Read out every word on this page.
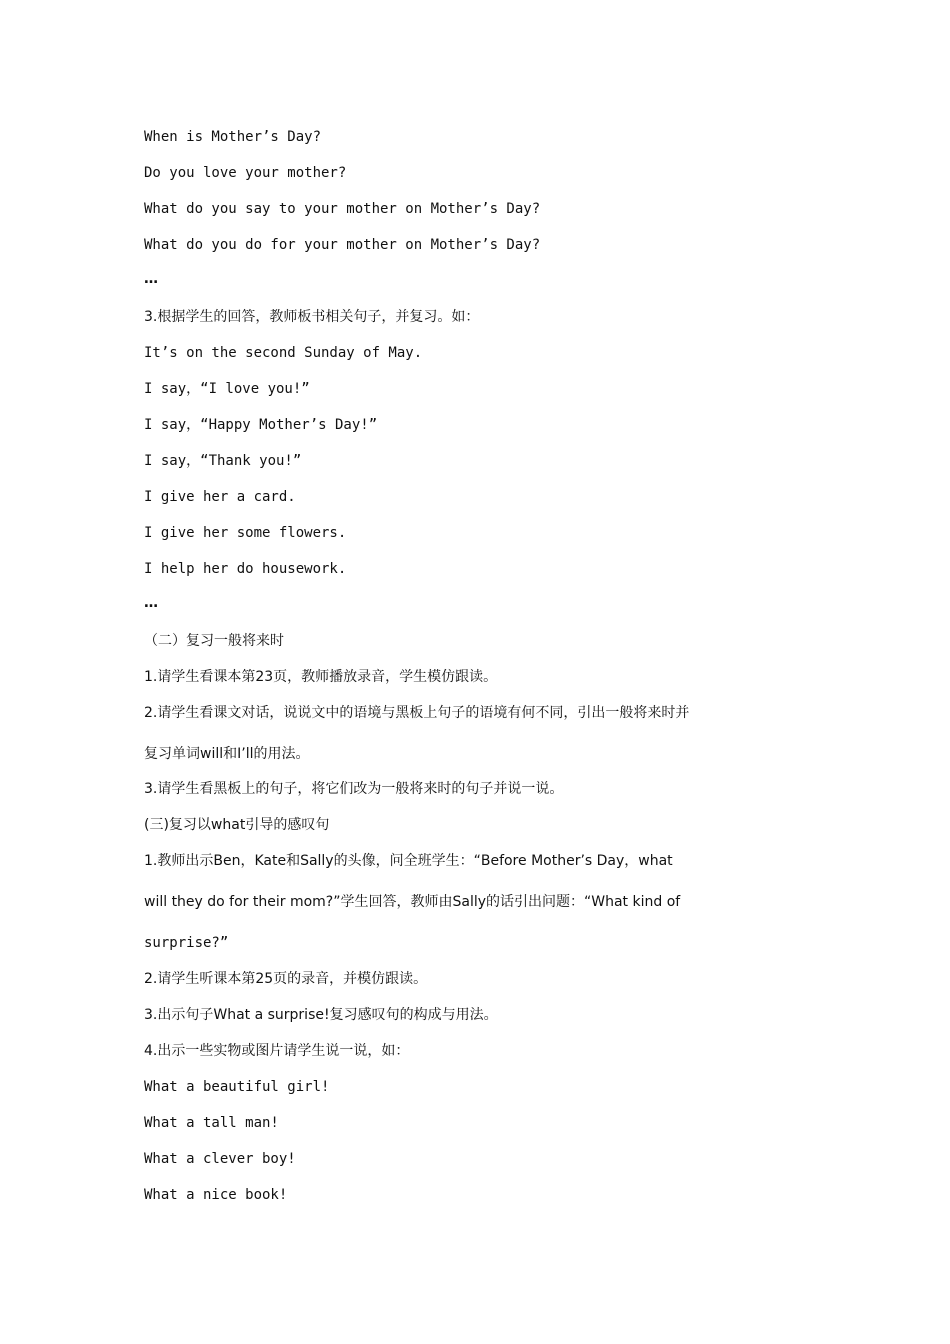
When is Mother’s Day?
Do you love your mother?
What do you say to your mother on Mother’s Day?
What do you do for your mother on Mother’s Day?
…
3.根据学生的回答，教师板书相关句子，并复习。如：
It’s on the second Sunday of May.
I say，“I love you!”
I say，“Happy Mother’s Day!”
I say，“Thank you!”
I give her a card.
I give her some flowers.
I help her do housework.
…
（二）复习一般将来时
1.请学生看课本第23页，教师播放录音，学生模仿跟读。
2.请学生看课文对话，说说文中的语境与黑板上句子的语境有何不同，引出一般将来时并
复习单词will和I’ll的用法。
3.请学生看黑板上的句子，将它们改为一般将来时的句子并说一说。
(三)复习以what引导的感叹句
1.教师出示Ben，Kate和Sally的头像，问全班学生：“Before Mother’s Day，what
will they do for their mom?”学生回答，教师由Sally的话引出问题：“What kind of
surprise?”
2.请学生听课本第25页的录音，并模仿跟读。
3.出示句子What a surprise!复习感叹句的构成与用法。
4.出示一些实物或图片请学生说一说，如：
What a beautiful girl!
What a tall man!
What a clever boy!
What a nice book!
